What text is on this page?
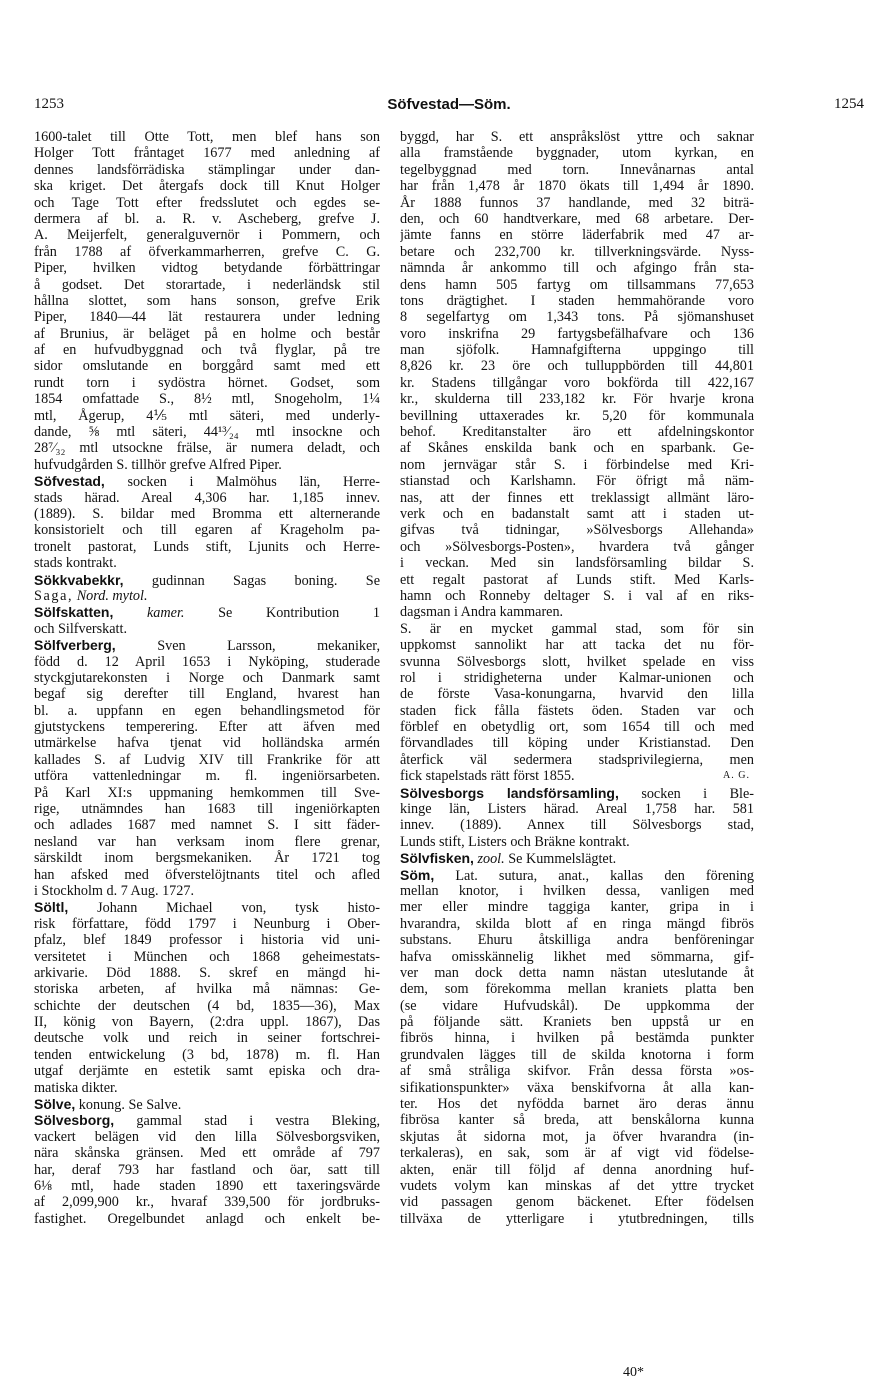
1253	Söfvestad—Söm.	1254
1600-talet till Otte Tott, men blef hans son
Holger Tott fråntaget 1677 med anledning af
dennes landsförrädiska stämplingar under dan-
ska kriget. Det återgafs dock till Knut Holger
och Tage Tott efter fredsslutet och egdes se-
dermera af bl. a. R. v. Ascheberg, grefve J.
A. Meijerfelt, generalguvernör i Pommern, och
från 1788 af öfverkammarherren, grefve C. G.
Piper, hvilken vidtog betydande förbättringar
å godset. Det storartade, i nederländsk stil
hållna slottet, som hans sonson, grefve Erik
Piper, 1840—44 lät restaurera under ledning
af Brunius, är beläget på en holme och består
af en hufvudbyggnad och två flyglar, på tre
sidor omslutande en borggård samt med ett
rundt torn i sydöstra hörnet. Godset, som
1854 omfattade S., 8½ mtl, Snogeholm, 1¼
mtl, Ågerup, 4⅕ mtl säteri, med underly-
dande, ⅝ mtl säteri, 44¹³⁄₂₄ mtl insockne och
28⁷⁄₃₂ mtl utsockne frälse, är numera deladt, och
hufvudgården S. tillhör grefve Alfred Piper.
Söfvestad, socken i Malmöhus län, Herre-
stads härad. Areal 4,306 har. 1,185 innev.
(1889). S. bildar med Bromma ett alternerande
konsistorielt och till egaren af Krageholm pa-
tronelt pastorat, Lunds stift, Ljunits och Herre-
stads kontrakt.
Sökkvabekkr, gudinnan Sagas boning. Se
Saga, Nord. mytol.
Sölfskatten, kamer. Se Kontribution 1
och Silfverskatt.
Sölfverberg, Sven Larsson, mekaniker,
född d. 12 April 1653 i Nyköping, studerade
styckgjutarekonsten i Norge och Danmark samt
begaf sig derefter till England, hvarest han
bl. a. uppfann en egen behandlingsmetod för
gjutstyckens temperering. Efter att äfven med
utmärkelse hafva tjenat vid holländska armén
kallades S. af Ludvig XIV till Frankrike för att
utföra vattenledningar m. fl. ingeniörsarbeten.
På Karl XI:s uppmaning hemkommen till Sve-
rige, utnämndes han 1683 till ingeniörkapten
och adlades 1687 med namnet S. I sitt fäder-
nesland var han verksam inom flere grenar,
särskildt inom bergsmekaniken. År 1721 tog
han afsked med öfverstelöjtnants titel och afled
i Stockholm d. 7 Aug. 1727.
Söltl, Johann Michael von, tysk histo-
risk författare, född 1797 i Neunburg i Ober-
pfalz, blef 1849 professor i historia vid uni-
versitetet i München och 1868 geheimestats-
arkivarie. Död 1888. S. skref en mängd hi-
storiska arbeten, af hvilka må nämnas: Ge-
schichte der deutschen (4 bd, 1835—36), Max
II, könig von Bayern, (2:dra uppl. 1867), Das
deutsche volk und reich in seiner fortschrei-
tenden entwickelung (3 bd, 1878) m. fl. Han
utgaf derjämte en estetik samt episka och dra-
matiska dikter.
Sölve, konung. Se Salve.
Sölvesborg, gammal stad i vestra Bleking,
vackert belägen vid den lilla Sölvesborgsviken,
nära skånska gränsen. Med ett område af 797
har, deraf 793 har fastland och öar, satt till
6⅛ mtl, hade staden 1890 ett taxeringsvärde
af 2,099,900 kr., hvaraf 339,500 för jordbruks-
fastighet. Oregelbundet anlagd och enkelt be-
byggd, har S. ett anspråkslöst yttre och saknar
alla framstående byggnader, utom kyrkan, en
tegelbyggnad med torn. Innevånarnas antal
har från 1,478 år 1870 ökats till 1,494 år 1890.
År 1888 funnos 37 handlande, med 32 biträ-
den, och 60 handtverkare, med 68 arbetare. Der-
jämte fanns en större läderfabrik med 47 ar-
betare och 232,700 kr. tillverkningsvärde. Nyss-
nämnda år ankommo till och afgingo från sta-
dens hamn 505 fartyg om tillsammans 77,653
tons drägtighet. I staden hemmahörande voro
8 segelfartyg om 1,343 tons. På sjömanshuset
voro inskrifna 29 fartygsbefälhafvare och 136
man sjöfolk. Hamnafgifterna uppgingo till
8,826 kr. 23 öre och tulluppbörden till 44,801
kr. Stadens tillgångar voro bokförda till 422,167
kr., skulderna till 233,182 kr. För hvarje krona
bevillning uttaxerades kr. 5,20 för kommunala
behof. Kreditanstalter äro ett afdelningskontor
af Skånes enskilda bank och en sparbank. Ge-
nom jernvägar står S. i förbindelse med Kri-
stianstad och Karlshamn. För öfrigt må näm-
nas, att der finnes ett treklassigt allmänt läro-
verk och en badanstalt samt att i staden ut-
gifvas två tidningar, »Sölvesborgs Allehanda»
och »Sölvesborgs-Posten», hvardera två gånger
i veckan. Med sin landsförsamling bildar S.
ett regalt pastorat af Lunds stift. Med Karls-
hamn och Ronneby deltager S. i val af en riks-
dagsman i Andra kammaren.
S. är en mycket gammal stad, som för sin
uppkomst sannolikt har att tacka det nu för-
svunna Sölvesborgs slott, hvilket spelade en viss
rol i stridigheterna under Kalmar-unionen och
de förste Vasa-konungarna, hvarvid den lilla
staden fick fålla fästets öden. Staden var och
förblef en obetydlig ort, som 1654 till och med
förvandlades till köping under Kristianstad. Den
återfick väl sedermera stadsprivilegierna, men
fick stapelstads rätt först 1855.	A. G.
Sölvesborgs landsförsamling, socken i Ble-
kinge län, Listers härad. Areal 1,758 har. 581
innev. (1889). Annex till Sölvesborgs stad,
Lunds stift, Listers och Bräkne kontrakt.
Sölvfisken, zool. Se Kummelslägtet.
Söm, Lat. sutura, anat., kallas den förening
mellan knotor, i hvilken dessa, vanligen med
mer eller mindre taggiga kanter, gripa in i
hvarandra, skilda blott af en ringa mängd fibrös
substans. Ehuru åtskilliga andra benföreningar
hafva omisskännelig likhet med sömmarna, gif-
ver man dock detta namn nästan uteslutande åt
dem, som förekomma mellan kraniets platta ben
(se vidare Hufvudskål). De uppkomma der
på följande sätt. Kraniets ben uppstå ur en
fibrös hinna, i hvilken på bestämda punkter
grundvalen lägges till de skilda knotorna i form
af små stråliga skifvor. Från dessa första »os-
sifikationspunkter» växa benskifvorna åt alla kan-
ter. Hos det nyfödda barnet äro deras ännu
fibrösa kanter så breda, att benskålorna kunna
skjutas åt sidorna mot, ja öfver hvarandra (in-
terkaleras), en sak, som är af vigt vid födelse-
akten, enär till följd af denna anordning huf-
vudets volym kan minskas af det yttre trycket
vid passagen genom bäckenet. Efter födelsen
tillväxa de ytterligare i ytutbredningen, tills
40*
